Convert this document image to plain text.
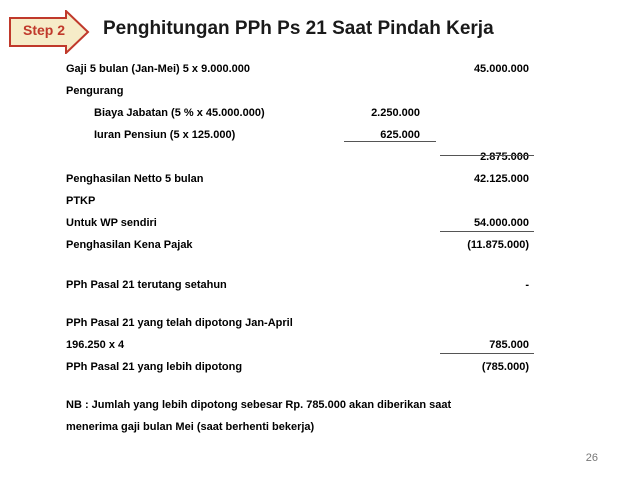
Step 2	Penghitungan PPh Ps 21 Saat Pindah Kerja
Gaji 5 bulan (Jan-Mei) 5 x 9.000.000	45.000.000
Pengurang
Biaya Jabatan (5 % x 45.000.000)	2.250.000
Iuran Pensiun (5 x 125.000)	625.000
2.875.000
Penghasilan Netto 5 bulan	42.125.000
PTKP
Untuk WP sendiri	54.000.000
Penghasilan Kena Pajak	(11.875.000)
PPh Pasal 21 terutang setahun	-
PPh Pasal 21 yang telah dipotong Jan-April
196.250 x 4	785.000
PPh Pasal 21 yang lebih dipotong	(785.000)
NB : Jumlah yang lebih dipotong sebesar Rp. 785.000 akan diberikan saat
menerima gaji bulan Mei (saat berhenti bekerja)
26
